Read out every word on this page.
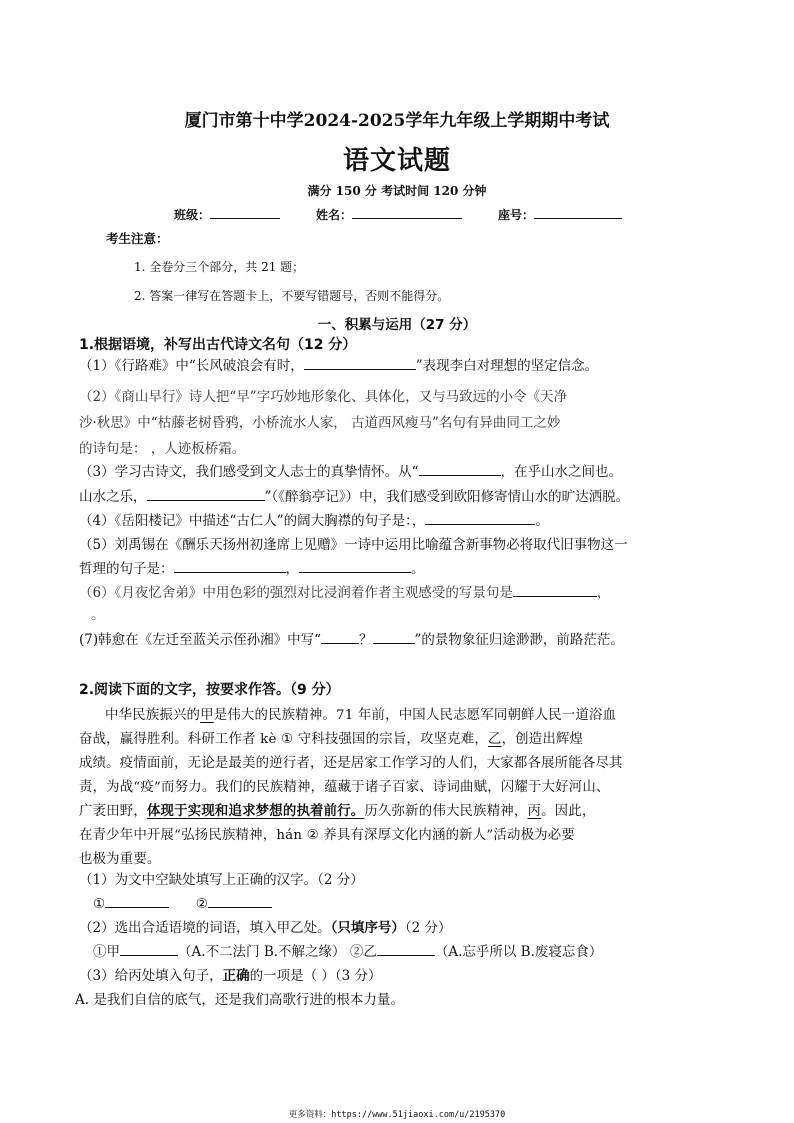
厦门市第十中学2024-2025学年九年级上学期期中考试
语文试题
满分 150 分 考试时间 120 分钟
班级：	姓名：	座号：
考生注意：
1. 全卷分三个部分，共 21 题；
2. 答案一律写在答题卡上，不要写错题号，否则不能得分。
一、积累与运用（27 分）
1.根据语境，补写出古代诗文名句（12 分）
（1）《行路难》中“长风破浪会有时，	”表现李白对理想的坚定信念。
（2）《商山早行》诗人把“早”字巧妙地形象化、具体化，又与马致远的小令《天净
沙·秋思》中“枯藤老树昏鸦，小桥流水人家， 古道西风瘦马”名句有异曲同工之妙
的诗句是： ，人迹板桥霜。
（3）学习古诗文，我们感受到文人志士的真挚情怀。从“	，在乎山水之间也。
山水之乐，	”（《醉翁亭记》）中，我们感受到欧阳修寄情山水的旷达洒脱。
（4）《岳阳楼记》中描述“古仁人”的阔大胸襟的句子是：，	。
（5）刘禹锡在《酬乐天扬州初逢席上见赠》一诗中运用比喻蕴含新事物必将取代旧事物这一
哲理的句子是：	，	。
（6）《月夜忆舍弟》中用色彩的强烈对比浸润着作者主观感受的写景句是	，
。
(7)韩愈在《左迁至蓝关示侄孙湘》中写“	？	”的景物象征归途渺渺，前路茫茫。
2.阅读下面的文字，按要求作答。（9 分）
中华民族振兴的甲是伟大的民族精神。71 年前，中国人民志愿军同朝鲜人民一道浴血
奋战，赢得胜利。科研工作者 kè ① 守科技强国的宗旨，攻坚克难，乙，创造出辉煌
成绩。疫情面前，无论是最美的逆行者，还是居家工作学习的人们，大家都各展所能各尽其
责，为战“疫”而努力。我们的民族精神，蕴藏于诸子百家、诗词曲赋，闪耀于大好河山、
广袤田野，体现于实现和追求梦想的执着前行。历久弥新的伟大民族精神，丙。因此，
在青少年中开展“弘扬民族精神，hán ② 养具有深厚文化内涵的新人”活动极为必要
也极为重要。
（1）为文中空缺处填写上正确的汉字。（2 分）
①	②
（2）选出合适语境的词语，填入甲乙处。（只填序号）（2 分）
①甲	（A.不二法门 B.不解之缘） ②乙	（A.忘乎所以 B.废寝忘食）
（3）给丙处填入句子，正确的一项是（ ）（3 分）
A. 是我们自信的底气，还是我们高歌行进的根本力量。
更多资料：https://www.51jiaoxi.com/u/2195370
